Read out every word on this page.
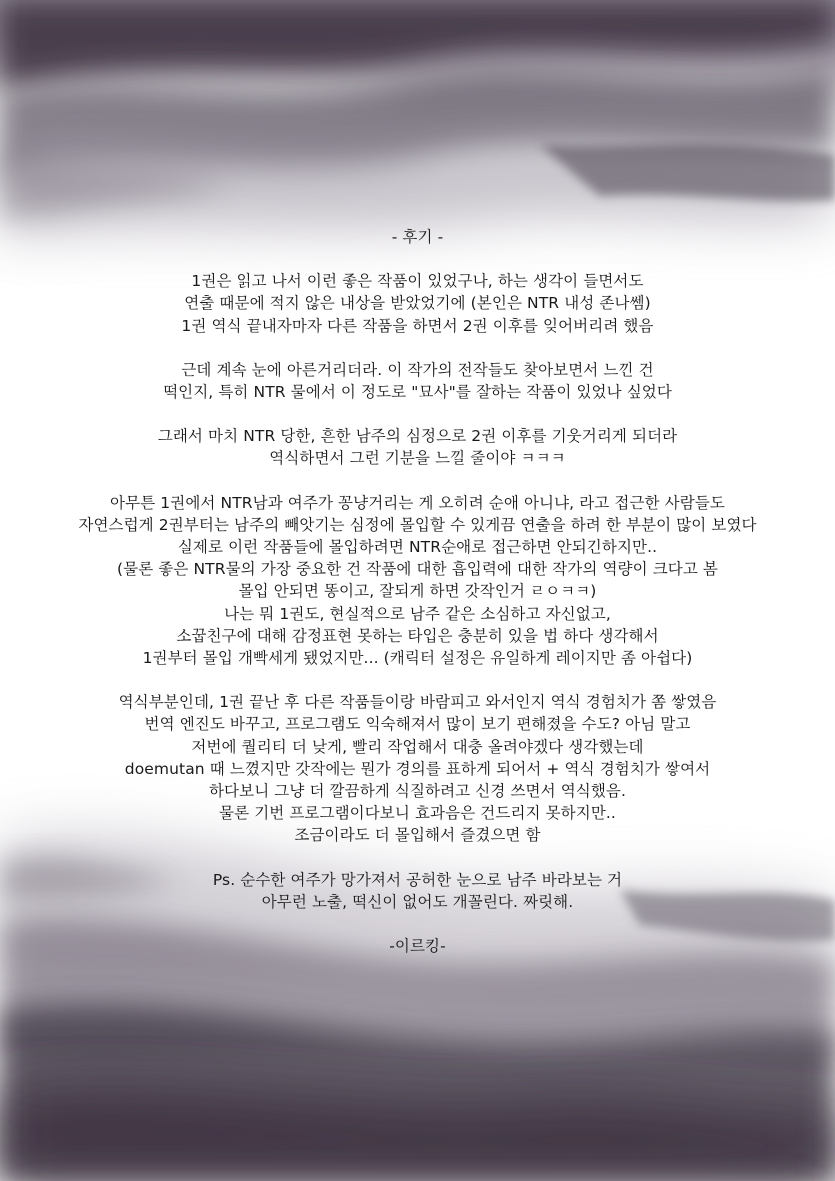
- 후기 -
1권은 읽고 나서 이런 좋은 작품이 있었구나, 하는 생각이 들면서도
연출 때문에 적지 않은 내상을 받았었기에 (본인은 NTR 내성 존나쎔)
1권 역식 끝내자마자 다른 작품을 하면서 2권 이후를 잊어버리려 했음
근데 계속 눈에 아른거리더라. 이 작가의 전작들도 찾아보면서 느낀 건
떡인지, 특히 NTR 물에서 이 정도로 "묘사"를 잘하는 작품이 있었나 싶었다
그래서 마치 NTR 당한, 흔한 남주의 심정으로 2권 이후를 기웃거리게 되더라
역식하면서 그런 기분을 느낄 줄이야 ㅋㅋㅋ
아무튼 1권에서 NTR남과 여주가 꽁냥거리는 게 오히려 순애 아니냐, 라고 접근한 사람들도
자연스럽게 2권부터는 남주의 빼앗기는 심정에 몰입할 수 있게끔 연출을 하려 한 부분이 많이 보였다
실제로 이런 작품들에 몰입하려면 NTR순애로 접근하면 안되긴하지만..
(물론 좋은 NTR물의 가장 중요한 건 작품에 대한 흡입력에 대한 작가의 역량이 크다고 봄
몰입 안되면 똥이고, 잘되게 하면 갓작인거 ㄹㅇㅋㅋ)
나는 뭐 1권도, 현실적으로 남주 같은 소심하고 자신없고,
소꿉친구에 대해 감정표현 못하는 타입은 충분히 있을 법 하다 생각해서
1권부터 몰입 개빡세게 됐었지만... (캐릭터 설정은 유일하게 레이지만 좀 아쉽다)
역식부분인데, 1권 끝난 후 다른 작품들이랑 바람피고 와서인지 역식 경험치가 쫌 쌓였음
번역 엔진도 바꾸고, 프로그램도 익숙해져서 많이 보기 편해졌을 수도? 아님 말고
저번에 퀄리티 더 낮게, 빨리 작업해서 대충 올려야겠다 생각했는데
doemutan 때 느꼈지만 갓작에는 뭔가 경의를 표하게 되어서 + 역식 경험치가 쌓여서
하다보니 그냥 더 깔끔하게 식질하려고 신경 쓰면서 역식했음.
물론 기번 프로그램이다보니 효과음은 건드리지 못하지만..
조금이라도 더 몰입해서 즐겼으면 함
Ps. 순수한 여주가 망가져서 공허한 눈으로 남주 바라보는 거
아무런 노출, 떡신이 없어도 개꼴린다. 짜릿해.
-이르킹-
